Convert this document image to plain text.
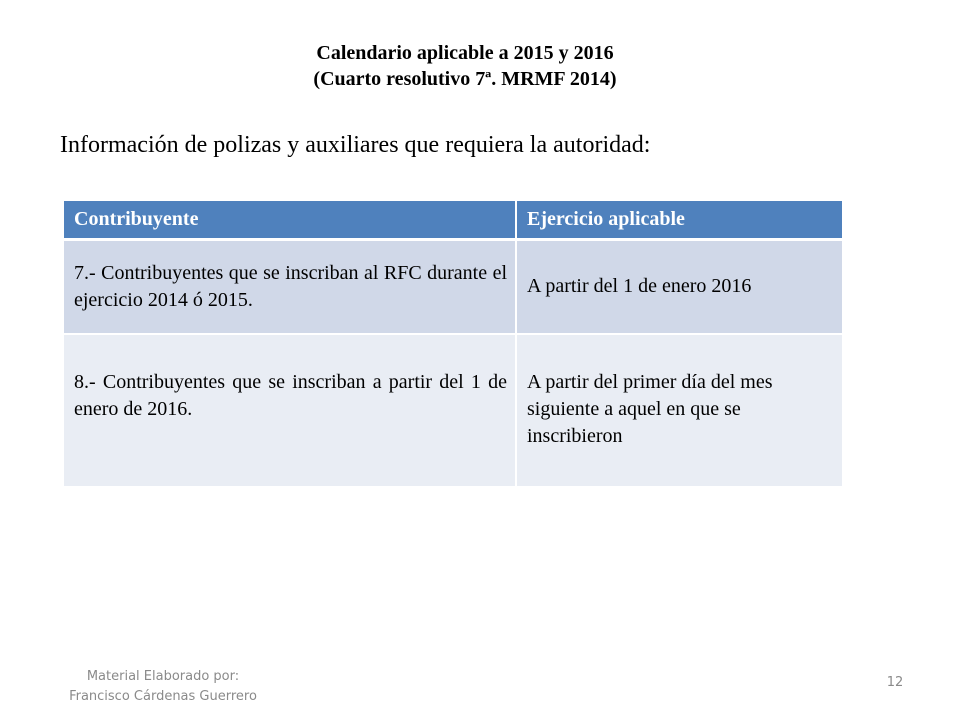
Calendario aplicable a 2015 y 2016
(Cuarto resolutivo 7ª. MRMF 2014)
Información de polizas y auxiliares que requiera la autoridad:
Contribuyente	Ejercicio aplicable
7.- Contribuyentes que se inscriban al RFC durante el ejercicio 2014 ó 2015.	A partir del 1 de enero 2016
8.- Contribuyentes que se inscriban a partir del 1 de enero de 2016.	A partir del primer día del mes siguiente a aquel en que se inscribieron
Material Elaborado por:
Francisco Cárdenas Guerrero
12
